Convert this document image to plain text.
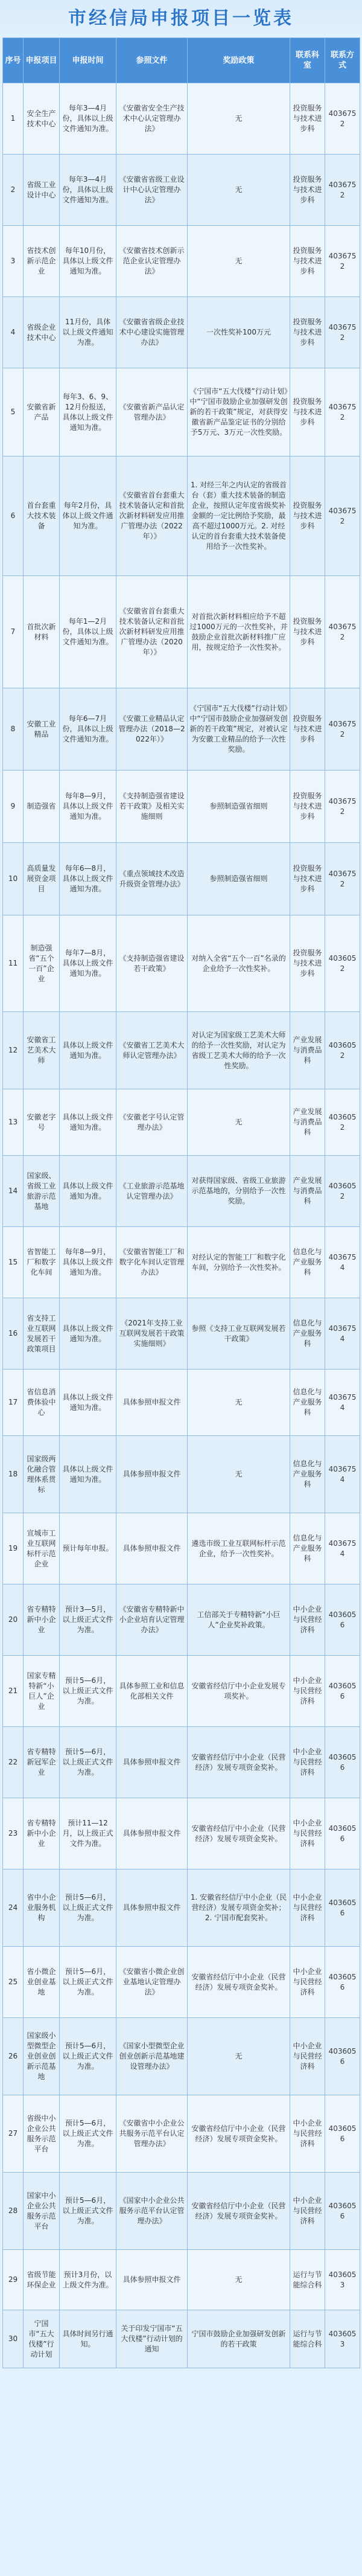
市经信局申报项目一览表
序号	申报项目	申报时间	参照文件	奖励政策	联系科室	联系方式
1	安全生产技术中心	每年3—4月份，具体以上级文件通知为准。	《安徽省安全生产技术中心认定管理办法》	无	投资服务与技术进步科	4036752
2	省级工业设计中心	每年3—4月份，具体以上级文件通知为准。	《安徽省省级工业设计中心认定管理办法》	无	投资服务与技术进步科	4036752
3	省技术创新示范企业	每年10月份，具体以上级文件通知为准。	《安徽省技术创新示范企业认定管理办法》	无	投资服务与技术进步科	4036752
4	省级企业技术中心	11月份，具体以上级文件通知为准。	《安徽省省级企业技术中心建设实施管理办法》	一次性奖补100万元	投资服务与技术进步科	4036752
5	安徽省新产品	每年3、6、9、12月份报送，具体以上级文件通知为准。	《安徽省新产品认定管理办法》	《宁国市“五大伐楼”行动计划》中“宁国市鼓励企业加强研发创新的若干政策”规定，对获得安徽省新产品鉴定证书的分别给予5万元、3万元一次性奖励。	投资服务与技术进步科	4036752
6	首台套重大技术装备	每年2月份，具体以上级文件通知为准。	《安徽省首台套重大技术装备认定和首批次新材料研发应用推广管理办法（2022年）》	1. 对经三年之内认定的省级首台（套）重大技术装备的制造企业，按照认定年度省级奖补金额的一定比例给予奖励，最高不超过1000万元。2. 对经认定的首台套重大技术装备使用给予一次性奖补。	投资服务与技术进步科	4036752
7	首批次新材料	每年1—2月份，具体以上级文件通知为准。	《安徽省首台套重大技术装备认定和首批次新材料研发应用推广管理办法（2020年）》	对首批次新材料相应给予不超过1000万元的一次性奖补，并鼓励企业首批次新材料推广应用，按规定给予一次性奖补。	投资服务与技术进步科	4036752
8	安徽工业精品	每年6—7月份，具体以上级文件通知为准。	《安徽工业精品认定管理办法（2018—2022年）》	《宁国市“五大伐楼”行动计划》中“宁国市鼓励企业加强研发创新的若干政策”规定，对被认定为安徽工业精品的给予一次性奖励。	投资服务与技术进步科	4036752
9	制造强省	每年8—9月，具体以上级文件通知为准。	《支持制造强省建设若干政策》及相关实施细则	参照制造强省细则	投资服务与技术进步科	4036752
10	高质量发展资金项目	每年6—8月，具体以上级文件通知为准。	《重点领域技术改造升级资金管理办法》	参照制造强省细则	投资服务与技术进步科	4036752
11	制造强省“五个一百”企业	每年7—8月，具体以上级文件通知为准。	《支持制造强省建设若干政策》	对纳入全省“五个一百”名录的企业给予一次性奖补。	投资服务与技术进步科	4036052
12	安徽省工艺美术大师	具体以上级文件通知为准。	《安徽省工艺美术大师认定管理办法》	对认定为国家级工艺美术大师的给予一次性奖励，对认定为省级工艺美术大师的给予一次性奖励。	产业发展与消费品科	4036052
13	安徽老字号	具体以上级文件通知为准。	《安徽老字号认定管理办法》	无	产业发展与消费品科	4036052
14	国家级、省级工业旅游示范基地	具体以上级文件通知为准。	《工业旅游示范基地认定管理办法》	对获得国家级、省级工业旅游示范基地的，分别给予一次性奖励。	产业发展与消费品科	4036052
15	省智能工厂和数字化车间	每年8—9月，具体以上级文件通知为准。	《安徽省智能工厂和数字化车间认定管理办法》	对经认定的智能工厂和数字化车间，分别给予一次性奖补。	信息化与产业服务科	4036754
16	省支持工业互联网发展若干政策项目	具体以上级文件通知为准。	《2021年支持工业互联网发展若干政策实施细则》	参照《支持工业互联网发展若干政策》	信息化与产业服务科	4036754
17	省信息消费体验中心	具体以上级文件通知为准。	具体参照申报文件	无	信息化与产业服务科	4036754
18	国家级两化融合管理体系贯标	具体以上级文件通知为准。	具体参照申报文件	无	信息化与产业服务科	4036754
19	宣城市工业互联网标杆示范企业	预计每年申报。	具体参照申报文件	遴选市级工业互联网标杆示范企业，给予一次性奖补。	信息化与产业服务科	4036754
20	省专精特新中小企业	预计3—5月，以上级正式文件为准。	《安徽省专精特新中小企业培育认定管理办法》	工信部关于专精特新“小巨人”企业奖补政策。	中小企业与民营经济科	4036056
21	国家专精特新“小巨人”企业	预计5—6月，以上级正式文件为准。	具体参照工业和信息化部相关文件	安徽省经信厅中小企业发展专项奖补。	中小企业与民营经济科	4036056
22	省专精特新冠军企业	预计5—6月，以上级正式文件为准。	具体参照申报文件	安徽省经信厅中小企业（民营经济）发展专项资金奖补。	中小企业与民营经济科	4036056
23	省专精特新中小企业	预计11—12月，以上级正式文件为准。	具体参照申报文件	安徽省经信厅中小企业（民营经济）发展专项资金奖补。	中小企业与民营经济科	4036056
24	省中小企业服务机构	预计5—6月，以上级正式文件为准。	具体参照申报文件	1. 安徽省经信厅中小企业（民营经济）发展专项资金奖补；2. 宁国市配套奖补。	中小企业与民营经济科	4036056
25	省小微企业创业基地	预计5—6月，以上级正式文件为准。	《安徽省小微企业创业基地认定管理办法》	安徽省经信厅中小企业（民营经济）发展专项资金奖补。	中小企业与民营经济科	4036056
26	国家级小型微型企业创业创新示范基地	预计5—6月，以上级正式文件为准。	《国家小型微型企业创业创新示范基地建设管理办法》	无	中小企业与民营经济科	4036056
27	省级中小企业公共服务示范平台	预计5—6月，以上级正式文件为准。	《安徽省中小企业公共服务示范平台认定管理办法》	安徽省经信厅中小企业（民营经济）发展专项资金奖补。	中小企业与民营经济科	4036056
28	国家中小企业公共服务示范平台	预计5—6月，以上级正式文件为准。	《国家中小企业公共服务示范平台认定管理办法》	安徽省经信厅中小企业（民营经济）发展专项资金奖补。	中小企业与民营经济科	4036056
29	省级节能环保企业	预计3月份，以上级文件为准。	具体参照申报文件	无	运行与节能综合科	4036053
30	宁国市“五大伐楼”行动计划	具体时间另行通知。	关于印发宁国市“五大伐楼”行动计划的通知	宁国市鼓励企业加强研发创新的若干政策	运行与节能综合科	4036053
